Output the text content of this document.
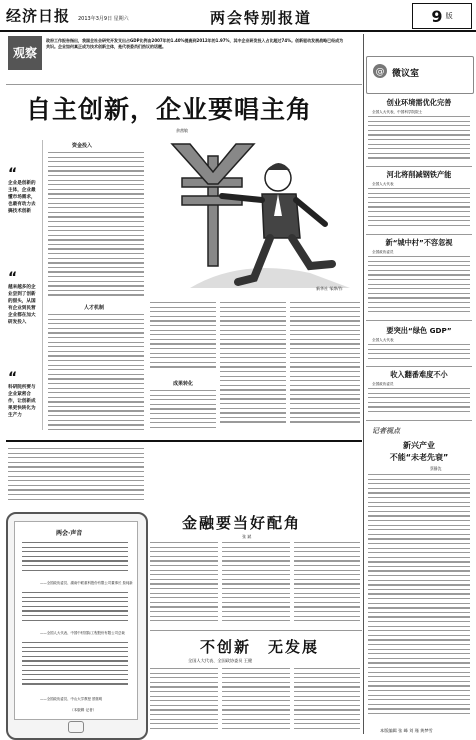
经济日报 2013年3月9日 星期六	两会特别报道	9 版
观察
政府工作报告指出，我国全社会研究开发支出占GDP比例由2007年的1.40%提高到2012年的1.97%，其中企业研发投入占比超过74%。创新驱动发展战略已经成为共识。企业如何真正成为技术创新主体，是代表委员们热议的话题。
自主创新，企业要唱主角
余茜敏
“
企业是创新的主体，企业最懂市场需求，也最有动力去搞技术创新
“
越来越多的企业尝到了创新的甜头，从国有企业到民营企业都在加大研发投入
“
科研院所要与企业紧密合作，让创新成果更快转化为生产力
资金投入
人才机制
新华社 邹烨/作
成果转化
两会·声音
——全国政协委员、湖南中联重科股份有限公司董事长 詹纯新
——全国人大代表、中国中材国际工程股份有限公司总裁
——全国政协委员、中山大学教授 蔡继明
（本版辑 记者）
金融要当好配角
张 斌
不创新　无发展
全国人大代表、全国政协委员 王健
@ 微议室
创业环境需优化完善
全国人大代表、中国科学院院士
河北将削减钢铁产能
全国人大代表
新“城中村”不容忽视
全国政协委员
要突出“绿色 GDP”
全国人大代表
收入翻番难度不小
全国政协委员
记者视点
新兴产业
不能“未老先衰”
蔡静沈
本版编辑 张 峰 刘 瑾 黄梦雪
